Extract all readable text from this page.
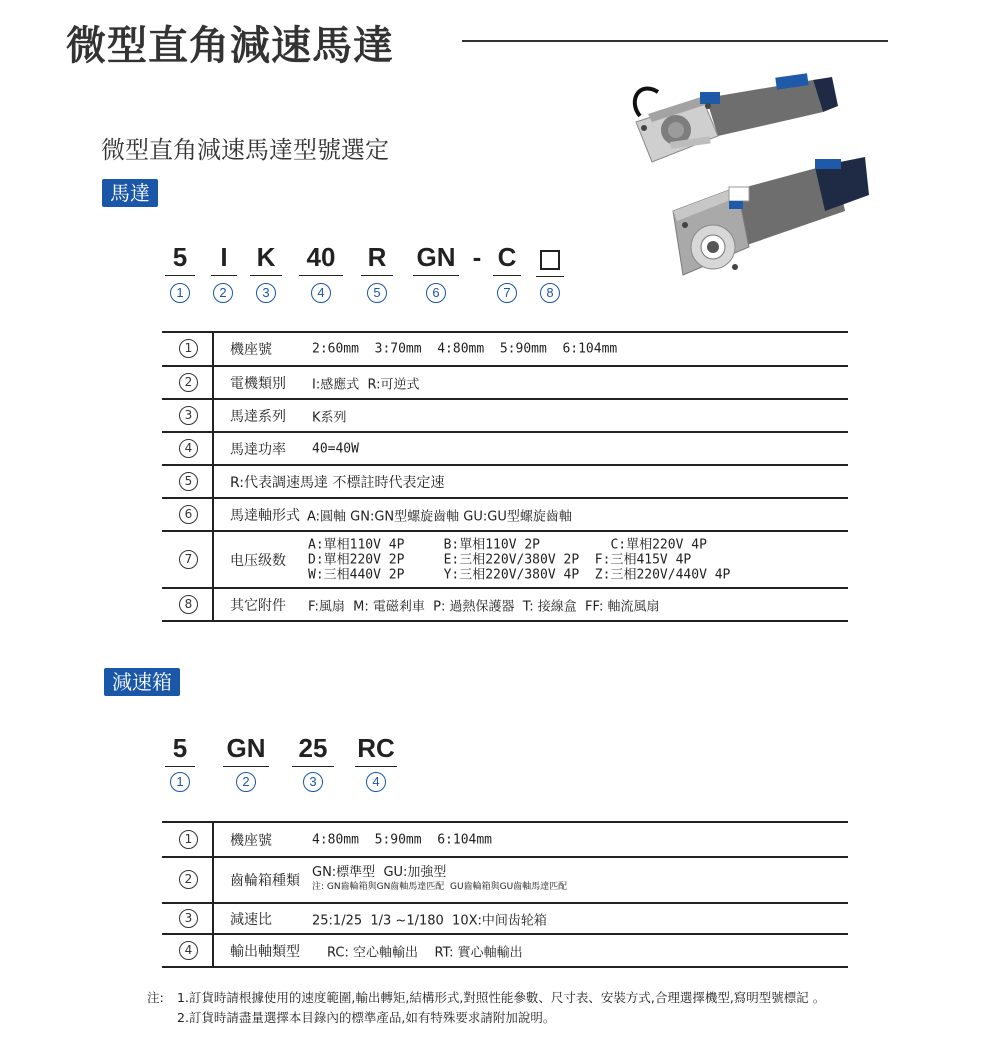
微型直角減速馬達
微型直角減速馬達型號選定
馬達
5	I	K 40 R GN - C
1	2	3	4	5	6	7	8
1	機座號	2:60mm  3:70mm  4:80mm  5:90mm  6:104mm
2	電機類別 I:感應式  R:可逆式
3	馬達系列 K系列
4	馬達功率 40=40W
5	R:代表調速馬達 不標註時代表定速
6	馬達軸形式 A:圓軸 GN:GN型螺旋齒軸 GU:GU型螺旋齒軸
7	电压级数
A:單相110V 4P     B:單相110V 2P         C:單相220V 4P
D:單相220V 2P     E:三相220V/380V 2P  F:三相415V 4P
W:三相440V 2P     Y:三相220V/380V 4P  Z:三相220V/440V 4P
8	其它附件 F:風扇  M: 電磁剎車  P: 過熱保護器  T: 接線盒  FF: 軸流風扇
減速箱
5 GN 25 RC
1	2	3	4
1	機座號	4:80mm  5:90mm  6:104mm
2	齒輪箱種類
GN:標準型  GU:加強型
注: GN齒輪箱與GN齒軸馬達匹配  GU齒輪箱與GU齒軸馬達匹配
3	減速比	25:1/25  1/3 ~1/180  10X:中间齿轮箱
4	輸出軸類型 RC: 空心軸輸出    RT: 實心軸輸出
注:	1.訂貨時請根據使用的速度範圍,輸出轉矩,結構形式,對照性能參數、尺寸表、安裝方式,合理選擇機型,寫明型號標記 。
2.訂貨時請盡量選擇本目錄內的標準產品,如有特殊要求請附加說明。
